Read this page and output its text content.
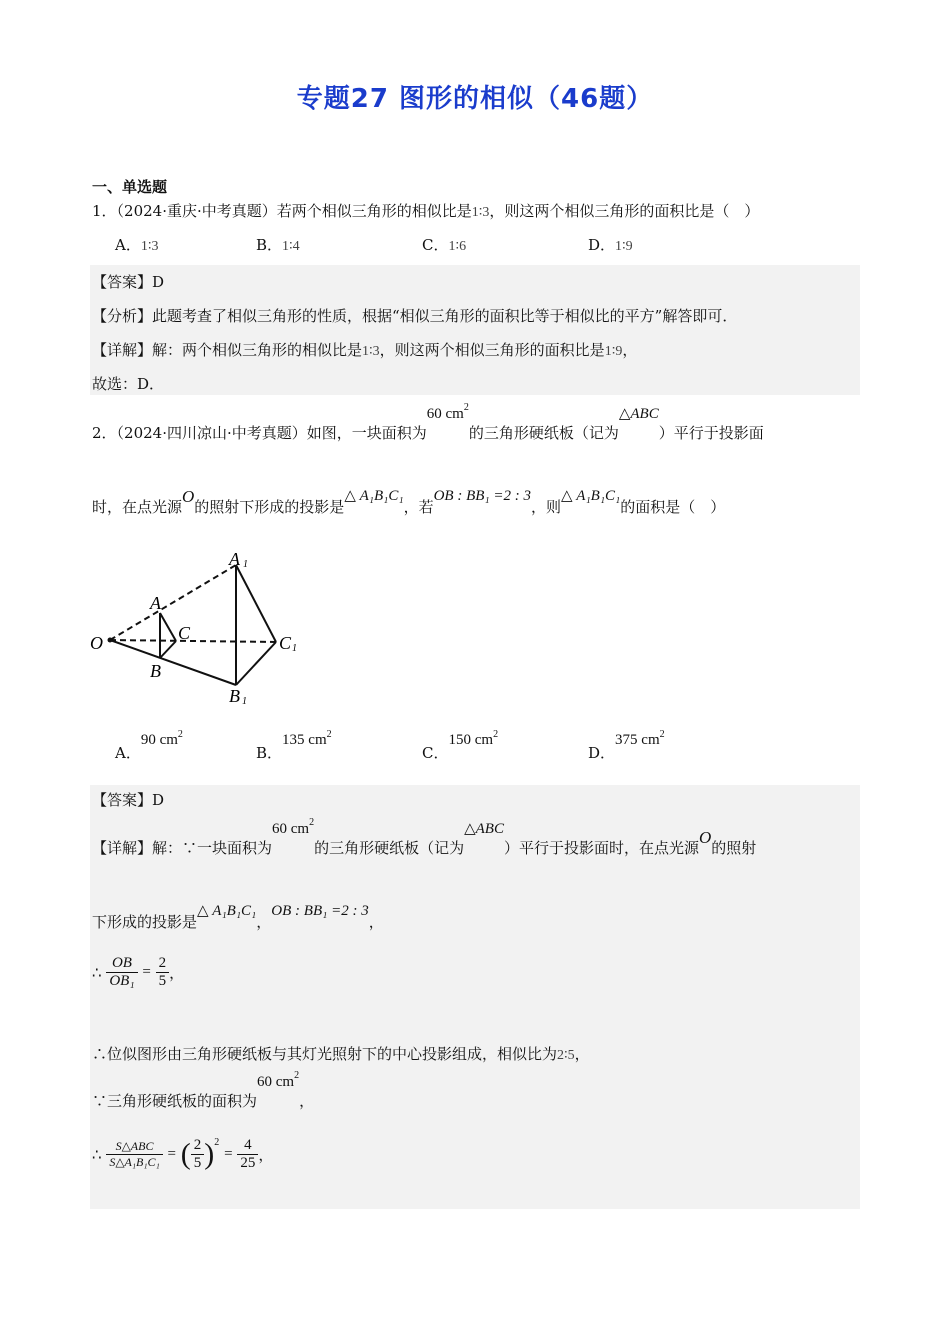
专题27 图形的相似（46题）
一、单选题
1．（2024·重庆·中考真题）若两个相似三角形的相似比是1∶3，则这两个相似三角形的面积比是（　）
A．1∶3	B．1∶4	C．1∶6	D．1∶9
【答案】D
【分析】此题考查了相似三角形的性质，根据“相似三角形的面积比等于相似比的平方”解答即可．
【详解】解：两个相似三角形的相似比是1∶3，则这两个相似三角形的面积比是1∶9，
故选：D．
2．（2024·四川凉山·中考真题）如图，一块面积为60 $cm^2$的三角形硬纸板（记为△ABC）平行于投影面
时，在点光源O的照射下形成的投影是△ A₁B₁C₁，若OB : BB₁ =2 : 3，则△ A₁B₁C₁的面积是（　）
A 1
A
C	C 1
O
B
B 1
A．90 $cm^2$
B．135 $cm^2$
C．150 $cm^2$
D．375 $cm^2$
【答案】D
【详解】解：∵一块面积为60 $cm^2$的三角形硬纸板（记为△ABC）平行于投影面时，在点光源O的照射
下形成的投影是△ A₁B₁C₁，OB : BB₁ =2 : 3，
∴ $\frac{OB}{\text{OB₁}} = \frac{2}{5}$ ，
∴位似图形由三角形硬纸板与其灯光照射下的中心投影组成，相似比为2∶5，
∵三角形硬纸板的面积为60 $cm^2$，
∴ $\frac{\text{S△ABC}}{\text{S△A₁B₁C₁}}$ = ( $\frac{2}{5} )^2 = \frac{4}{25}$ ，
